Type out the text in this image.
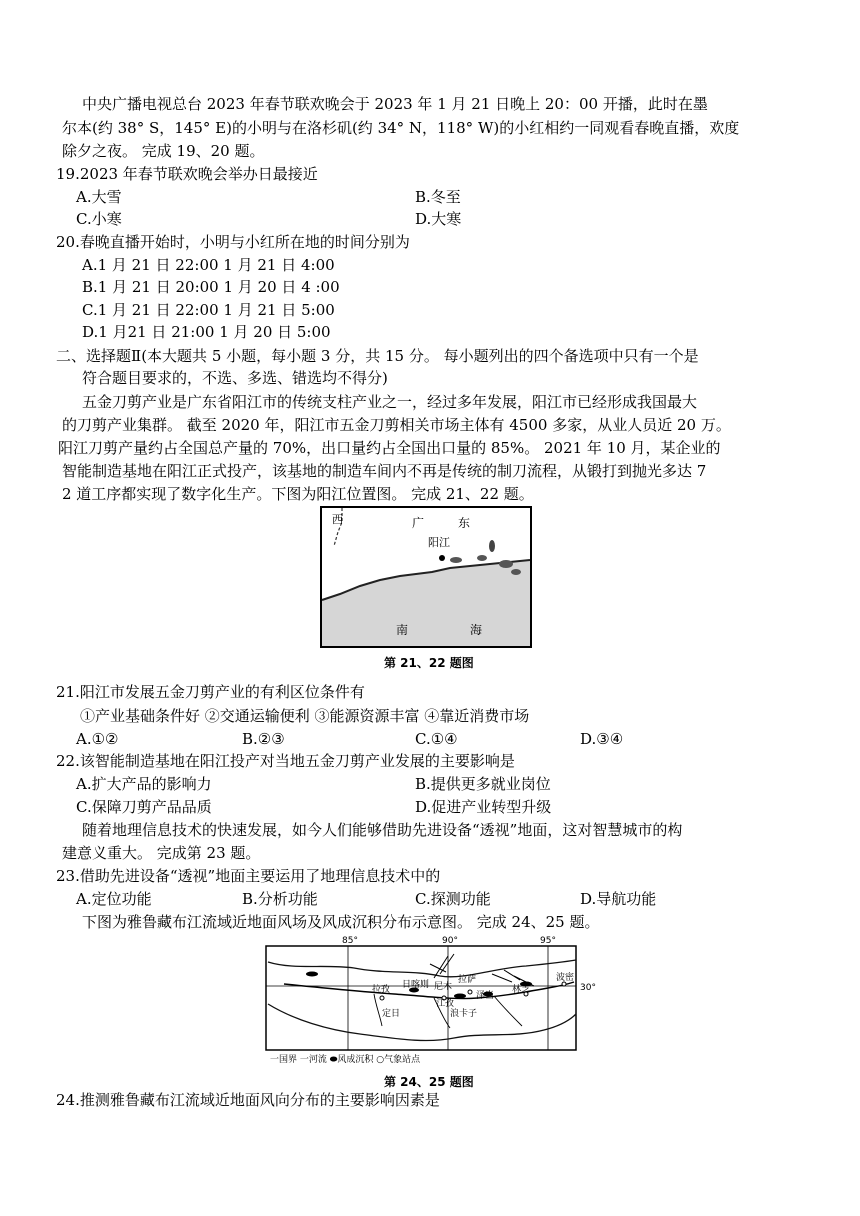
中央广播电视总台 2023 年春节联欢晚会于 2023 年 1 月 21 日晚上 20：00 开播，此时在墨
尔本(约 38° S，145° E)的小明与在洛杉矶(约 34° N，118° W)的小红相约一同观看春晚直播，欢度
除夕之夜。 完成 19、20 题。
19.2023 年春节联欢晚会举办日最接近
A.大雪	B.冬至
C.小寒	D.大寒
20.春晚直播开始时，小明与小红所在地的时间分别为
A.1 月 21 日 22:00 1 月 21 日 4:00
B.1 月 21 日 20:00 1 月 20 日 4 :00
C.1 月 21 日 22:00 1 月 21 日 5:00
D.1 月21 日 21:00 1 月 20 日 5:00
二、选择题Ⅱ(本大题共 5 小题，每小题 3 分，共 15 分。 每小题列出的四个备选项中只有一个是
符合题目要求的，不选、多选、错选均不得分)
五金刀剪产业是广东省阳江市的传统支柱产业之一，经过多年发展，阳江市已经形成我国最大
的刀剪产业集群。 截至 2020 年，阳江市五金刀剪相关市场主体有 4500 多家，从业人员近 20 万。
阳江刀剪产量约占全国总产量的 70%，出口量约占全国出口量的 85%。 2021 年 10 月，某企业的
智能制造基地在阳江正式投产，该基地的制造车间内不再是传统的制刀流程，从锻打到抛光多达 7
2 道工序都实现了数字化生产。下图为阳江位置图。 完成 21、22 题。
西	广	东
阳江
南	海
第 21、22 题图
21.阳江市发展五金刀剪产业的有利区位条件有
①产业基础条件好 ②交通运输便利 ③能源资源丰富 ④靠近消费市场
A.①②	B.②③	C.①④	D.③④
22.该智能制造基地在阳江投产对当地五金刀剪产业发展的主要影响是
A.扩大产品的影响力	B.提供更多就业岗位
C.保障刀剪产品品质	D.促进产业转型升级
随着地理信息技术的快速发展，如今人们能够借助先进设备“透视”地面，这对智慧城市的构
建意义重大。 完成第 23 题。
23.借助先进设备“透视”地面主要运用了地理信息技术中的
A.定位功能	B.分析功能	C.探测功能	D.导航功能
下图为雅鲁藏布江流域近地面风场及风成沉积分布示意图。 完成 24、25 题。
85°	90°	95°
30°
拉孜 日喀则 尼木
拉萨
泽当
林芝
波密
定日
江孜
浪卡子
一国界 一河流 ⬬风成沉积 ○气象站点
第 24、25 题图
24.推测雅鲁藏布江流域近地面风向分布的主要影响因素是
